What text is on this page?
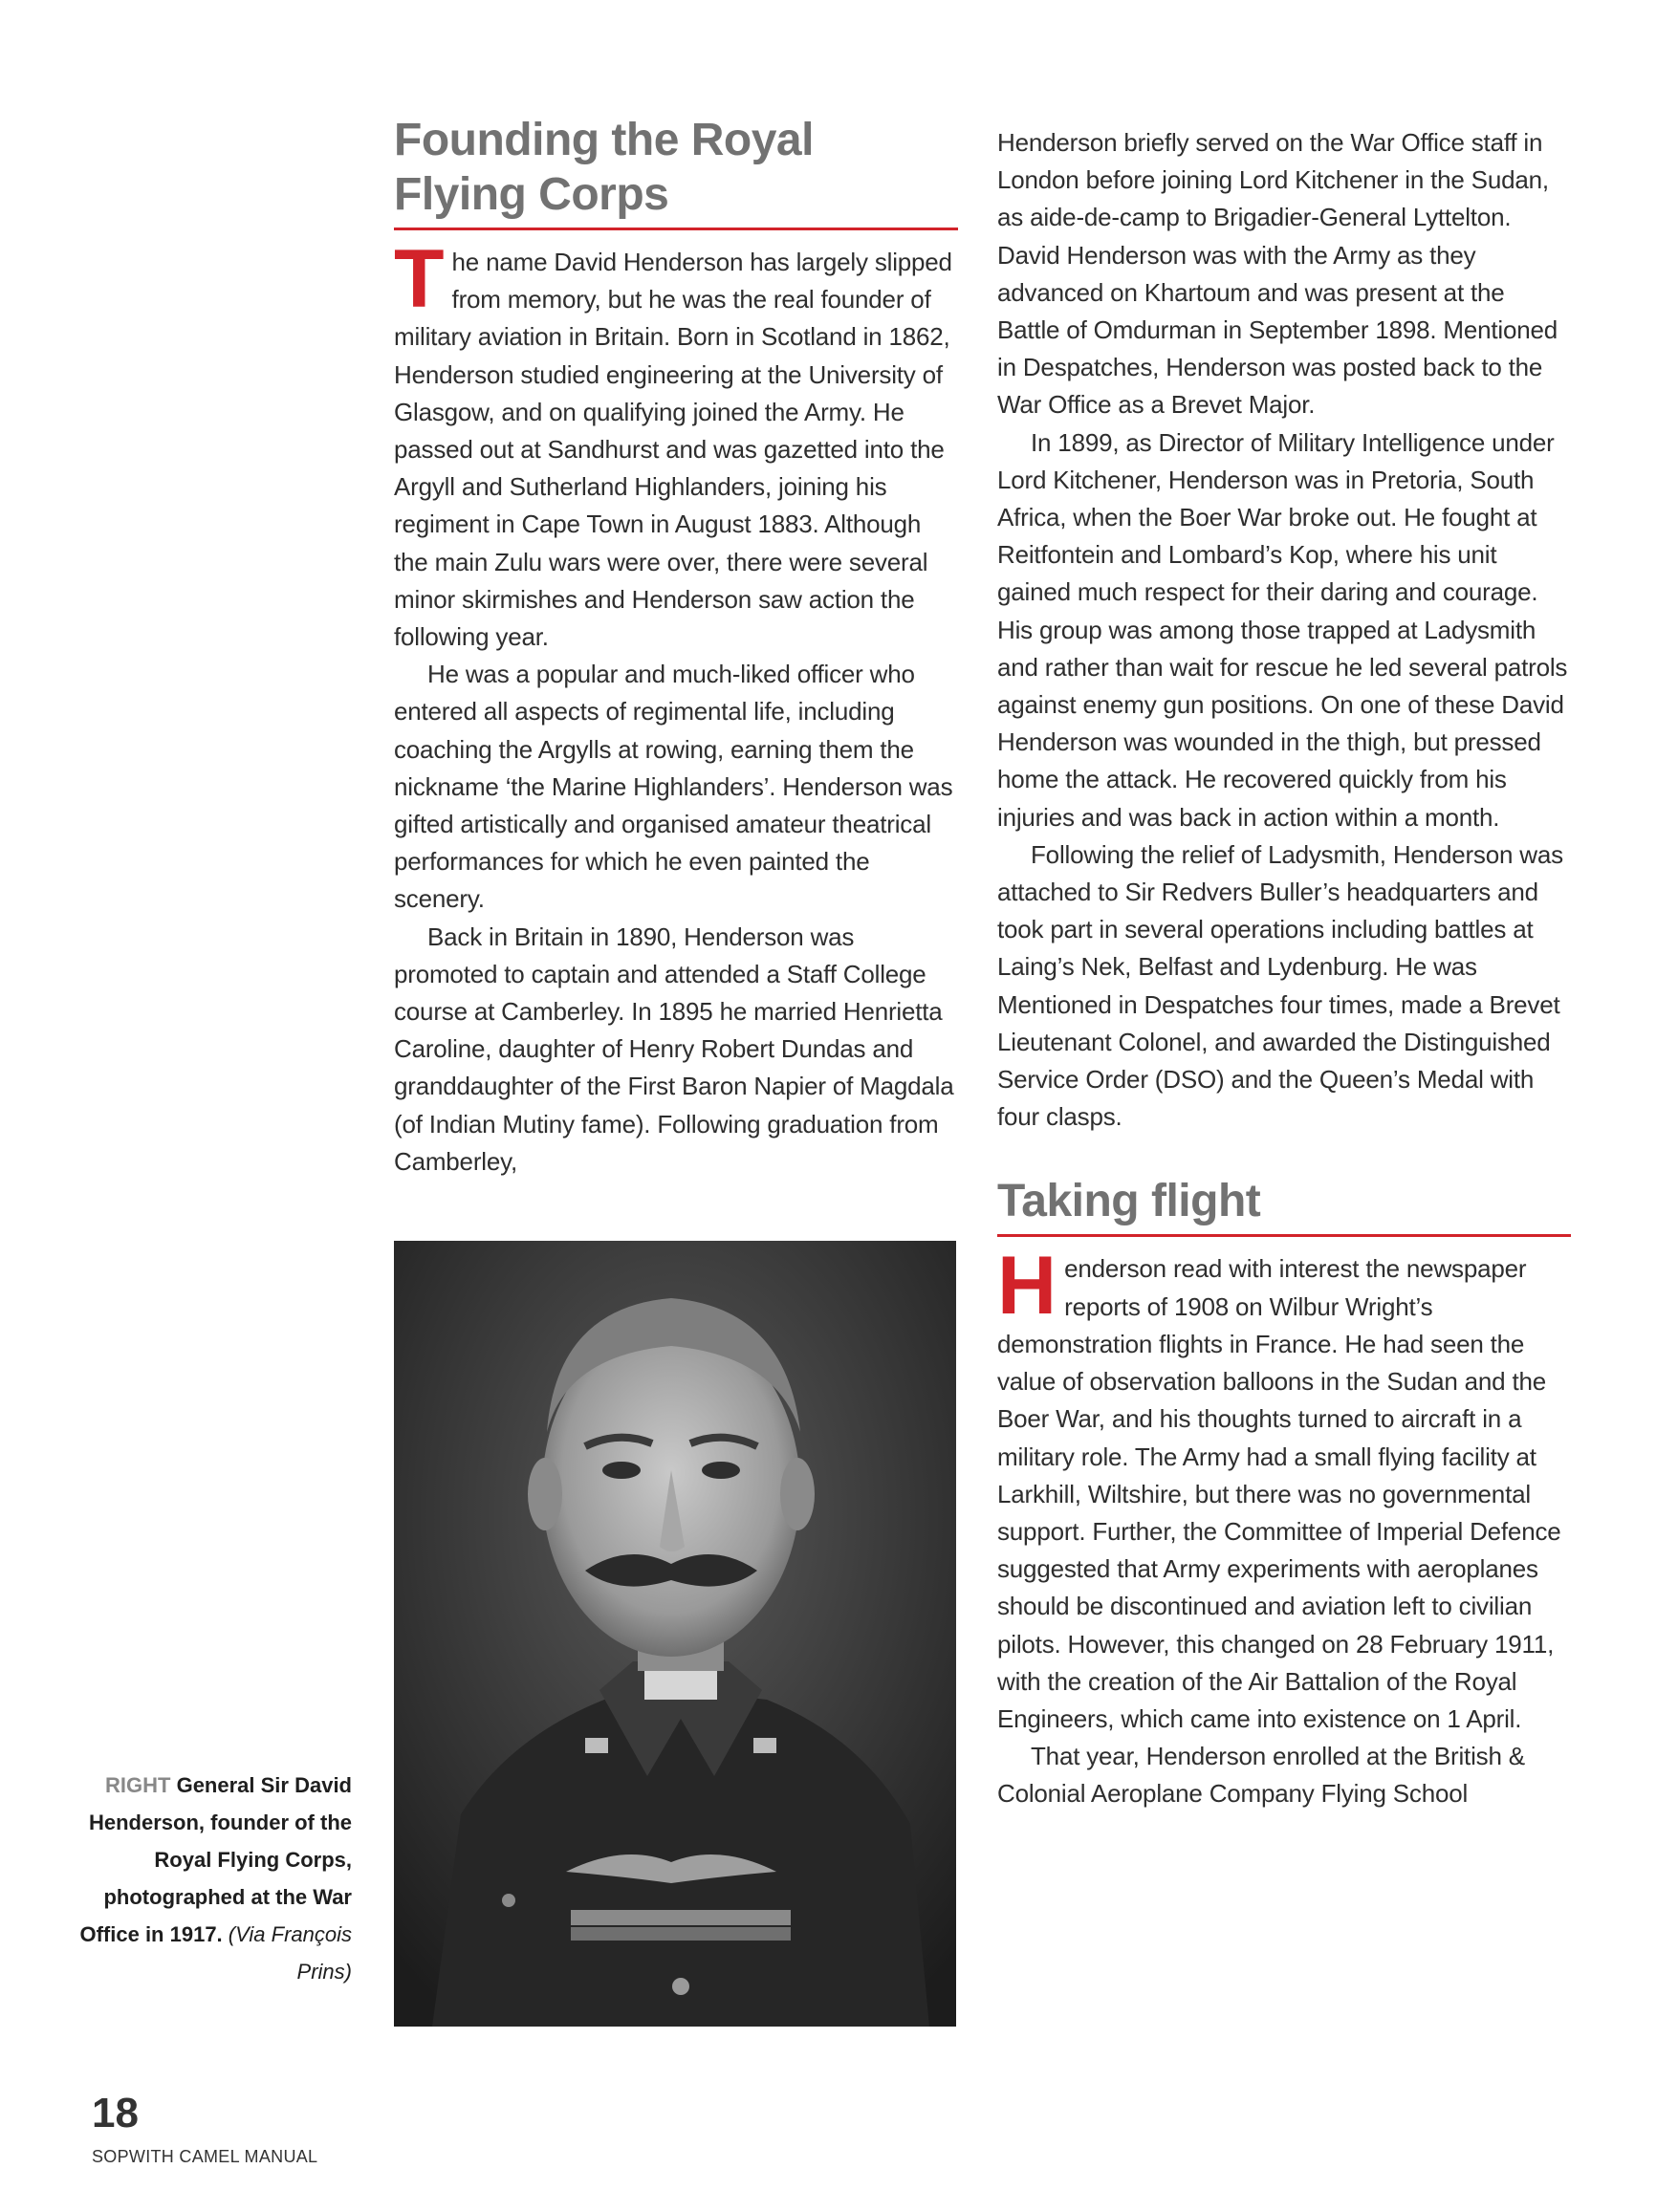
Founding the Royal Flying Corps
T he name David Henderson has largely slipped from memory, but he was the real founder of military aviation in Britain. Born in Scotland in 1862, Henderson studied engineering at the University of Glasgow, and on qualifying joined the Army. He passed out at Sandhurst and was gazetted into the Argyll and Sutherland Highlanders, joining his regiment in Cape Town in August 1883. Although the main Zulu wars were over, there were several minor skirmishes and Henderson saw action the following year.

He was a popular and much-liked officer who entered all aspects of regimental life, including coaching the Argylls at rowing, earning them the nickname ‘the Marine Highlanders’. Henderson was gifted artistically and organised amateur theatrical performances for which he even painted the scenery.

Back in Britain in 1890, Henderson was promoted to captain and attended a Staff College course at Camberley. In 1895 he married Henrietta Caroline, daughter of Henry Robert Dundas and granddaughter of the First Baron Napier of Magdala (of Indian Mutiny fame). Following graduation from Camberley,

RIGHT General Sir David Henderson, founder of the Royal Flying Corps, photographed at the War Office in 1917. (Via François Prins)

Henderson briefly served on the War Office staff in London before joining Lord Kitchener in the Sudan, as aide-de-camp to Brigadier-General Lyttelton. David Henderson was with the Army as they advanced on Khartoum and was present at the Battle of Omdurman in September 1898. Mentioned in Despatches, Henderson was posted back to the War Office as a Brevet Major.

In 1899, as Director of Military Intelligence under Lord Kitchener, Henderson was in Pretoria, South Africa, when the Boer War broke out. He fought at Reitfontein and Lombard’s Kop, where his unit gained much respect for their daring and courage. His group was among those trapped at Ladysmith and rather than wait for rescue he led several patrols against enemy gun positions. On one of these David Henderson was wounded in the thigh, but pressed home the attack. He recovered quickly from his injuries and was back in action within a month.

Following the relief of Ladysmith, Henderson was attached to Sir Redvers Buller’s headquarters and took part in several operations including battles at Laing’s Nek, Belfast and Lydenburg. He was Mentioned in Despatches four times, made a Brevet Lieutenant Colonel, and awarded the Distinguished Service Order (DSO) and the Queen’s Medal with four clasps.

Taking flight
H enderson read with interest the newspaper reports of 1908 on Wilbur Wright’s demonstration flights in France. He had seen the value of observation balloons in the Sudan and the Boer War, and his thoughts turned to aircraft in a military role. The Army had a small flying facility at Larkhill, Wiltshire, but there was no governmental support. Further, the Committee of Imperial Defence suggested that Army experiments with aeroplanes should be discontinued and aviation left to civilian pilots. However, this changed on 28 February 1911, with the creation of the Air Battalion of the Royal Engineers, which came into existence on 1 April.

That year, Henderson enrolled at the British & Colonial Aeroplane Company Flying School

18
SOPWITH CAMEL MANUAL
